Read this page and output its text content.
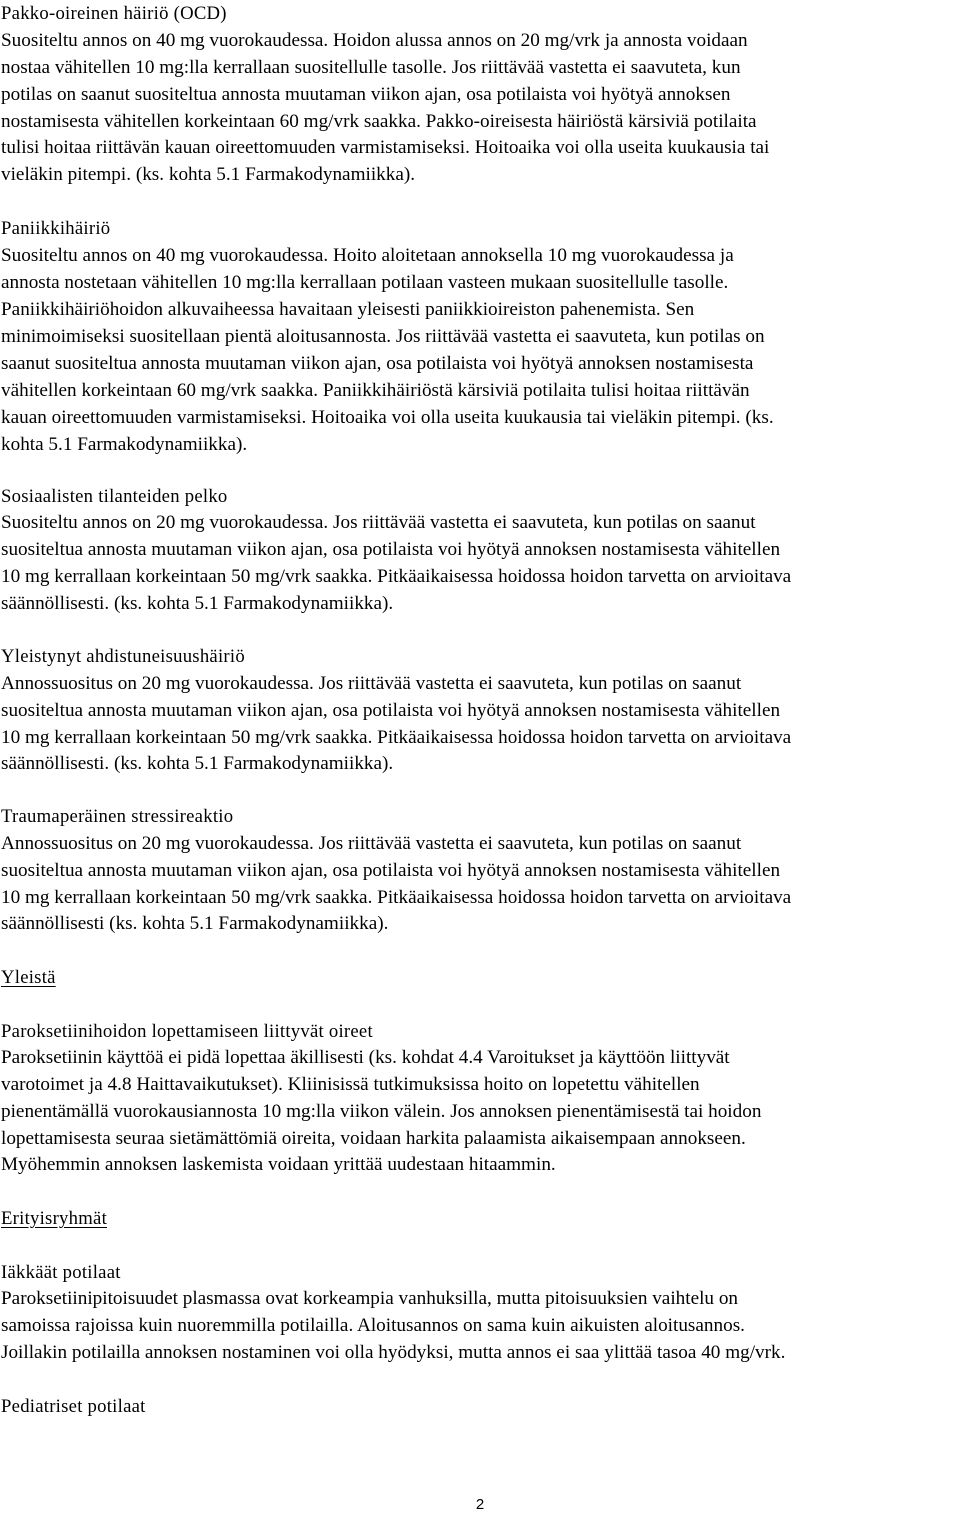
Pakko-oireinen häiriö (OCD)

Suositeltu annos on 40 mg vuorokaudessa. Hoidon alussa annos on 20 mg/vrk ja annosta voidaan

nostaa vähitellen 10 mg:lla kerrallaan suositellulle tasolle. Jos riittävää vastetta ei saavuteta, kun

potilas on saanut suositeltua annosta muutaman viikon ajan, osa potilaista voi hyötyä annoksen

nostamisesta vähitellen korkeintaan 60 mg/vrk saakka. Pakko-oireisesta häiriöstä kärsiviä potilaita

tulisi hoitaa riittävän kauan oireettomuuden varmistamiseksi. Hoitoaika voi olla useita kuukausia tai

vieläkin pitempi. (ks. kohta 5.1 Farmakodynamiikka).

Paniikkihäiriö

Suositeltu annos on 40 mg vuorokaudessa. Hoito aloitetaan annoksella 10 mg vuorokaudessa ja

annosta nostetaan vähitellen 10 mg:lla kerrallaan potilaan vasteen mukaan suositellulle tasolle.

Paniikkihäiriöhoidon alkuvaiheessa havaitaan yleisesti paniikkioireiston pahenemista. Sen

minimoimiseksi suositellaan pientä aloitusannosta. Jos riittävää vastetta ei saavuteta, kun potilas on

saanut suositeltua annosta muutaman viikon ajan, osa potilaista voi hyötyä annoksen nostamisesta

vähitellen korkeintaan 60 mg/vrk saakka. Paniikkihäiriöstä kärsiviä potilaita tulisi hoitaa riittävän

kauan oireettomuuden varmistamiseksi. Hoitoaika voi olla useita kuukausia tai vieläkin pitempi. (ks.

kohta 5.1 Farmakodynamiikka).

Sosiaalisten tilanteiden pelko

Suositeltu annos on 20 mg vuorokaudessa. Jos riittävää vastetta ei saavuteta, kun potilas on saanut

suositeltua annosta muutaman viikon ajan, osa potilaista voi hyötyä annoksen nostamisesta vähitellen

10 mg kerrallaan korkeintaan 50 mg/vrk saakka. Pitkäaikaisessa hoidossa hoidon tarvetta on arvioitava

säännöllisesti. (ks. kohta 5.1 Farmakodynamiikka).

Yleistynyt ahdistuneisuushäiriö

Annossuositus on 20 mg vuorokaudessa. Jos riittävää vastetta ei saavuteta, kun potilas on saanut

suositeltua annosta muutaman viikon ajan, osa potilaista voi hyötyä annoksen nostamisesta vähitellen

10 mg kerrallaan korkeintaan 50 mg/vrk saakka. Pitkäaikaisessa hoidossa hoidon tarvetta on arvioitava

säännöllisesti. (ks. kohta 5.1 Farmakodynamiikka).

Traumaperäinen stressireaktio

Annossuositus on 20 mg vuorokaudessa. Jos riittävää vastetta ei saavuteta, kun potilas on saanut

suositeltua annosta muutaman viikon ajan, osa potilaista voi hyötyä annoksen nostamisesta vähitellen

10 mg kerrallaan korkeintaan 50 mg/vrk saakka. Pitkäaikaisessa hoidossa hoidon tarvetta on arvioitava

säännöllisesti (ks. kohta 5.1 Farmakodynamiikka).

Yleistä

Paroksetiinihoidon lopettamiseen liittyvät oireet

Paroksetiinin käyttöä ei pidä lopettaa äkillisesti (ks. kohdat 4.4 Varoitukset ja käyttöön liittyvät

varotoimet ja 4.8 Haittavaikutukset). Kliinisissä tutkimuksissa hoito on lopetettu vähitellen

pienentämällä vuorokausiannosta 10 mg:lla viikon välein. Jos annoksen pienentämisestä tai hoidon

lopettamisesta seuraa sietämättömiä oireita, voidaan harkita palaamista aikaisempaan annokseen.

Myöhemmin annoksen laskemista voidaan yrittää uudestaan hitaammin.

Erityisryhmät

Iäkkäät potilaat

Paroksetiinipitoisuudet plasmassa ovat korkeampia vanhuksilla, mutta pitoisuuksien vaihtelu on

samoissa rajoissa kuin nuoremmilla potilailla. Aloitusannos on sama kuin aikuisten aloitusannos.

Joillakin potilailla annoksen nostaminen voi olla hyödyksi, mutta annos ei saa ylittää tasoa 40 mg/vrk.

Pediatriset potilaat

2
